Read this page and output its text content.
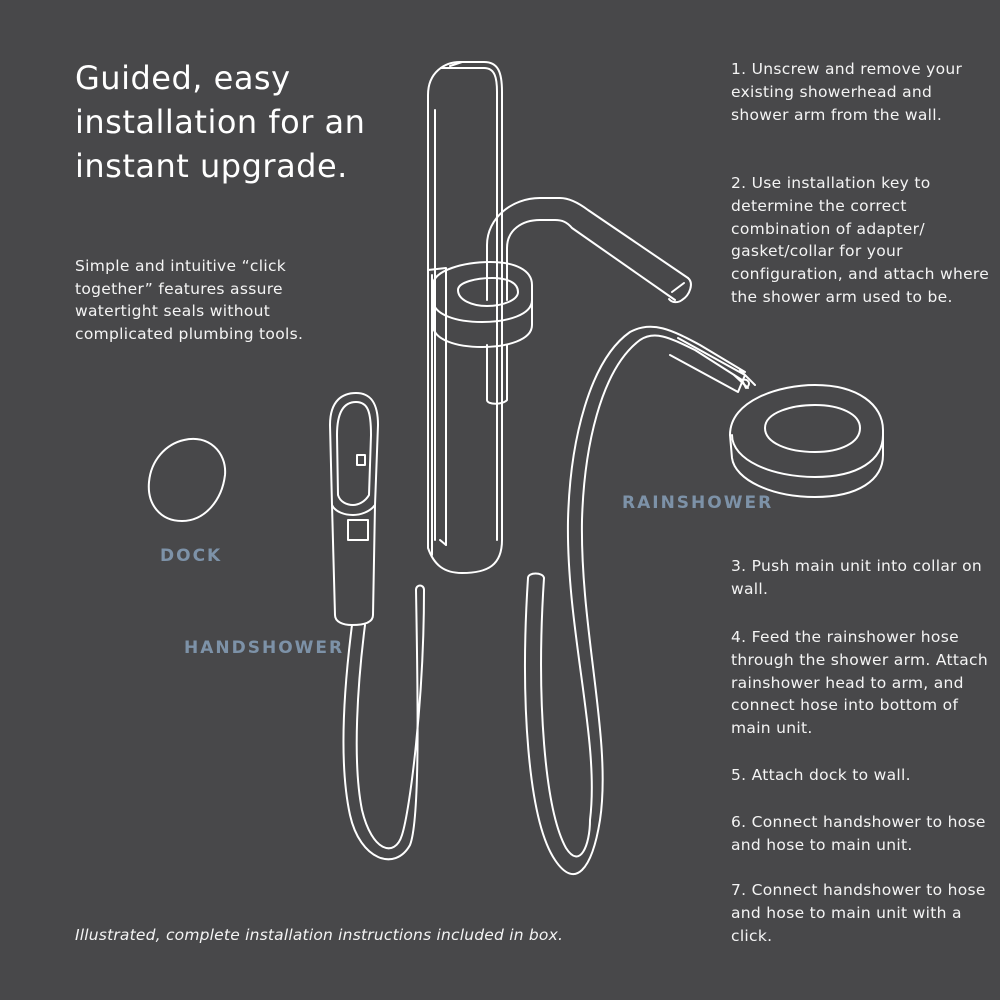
Guided, easy installation for an instant upgrade.

Simple and intuitive “click together” features assure watertight seals without complicated plumbing tools.

DOCK
HANDSHOWER
RAINSHOWER
1. Unscrew and remove your existing showerhead and shower arm from the wall.
2. Use installation key to determine the correct combination of adapter/ gasket/collar for your configuration, and attach where the shower arm used to be.
3. Push main unit into collar on wall.
4. Feed the rainshower hose through the shower arm. Attach rainshower head to arm, and connect hose into bottom of main unit.
5. Attach dock to wall.
6. Connect handshower to hose and hose to main unit.
7. Connect handshower to hose and hose to main unit with a click.
Illustrated, complete installation instructions included in box.
